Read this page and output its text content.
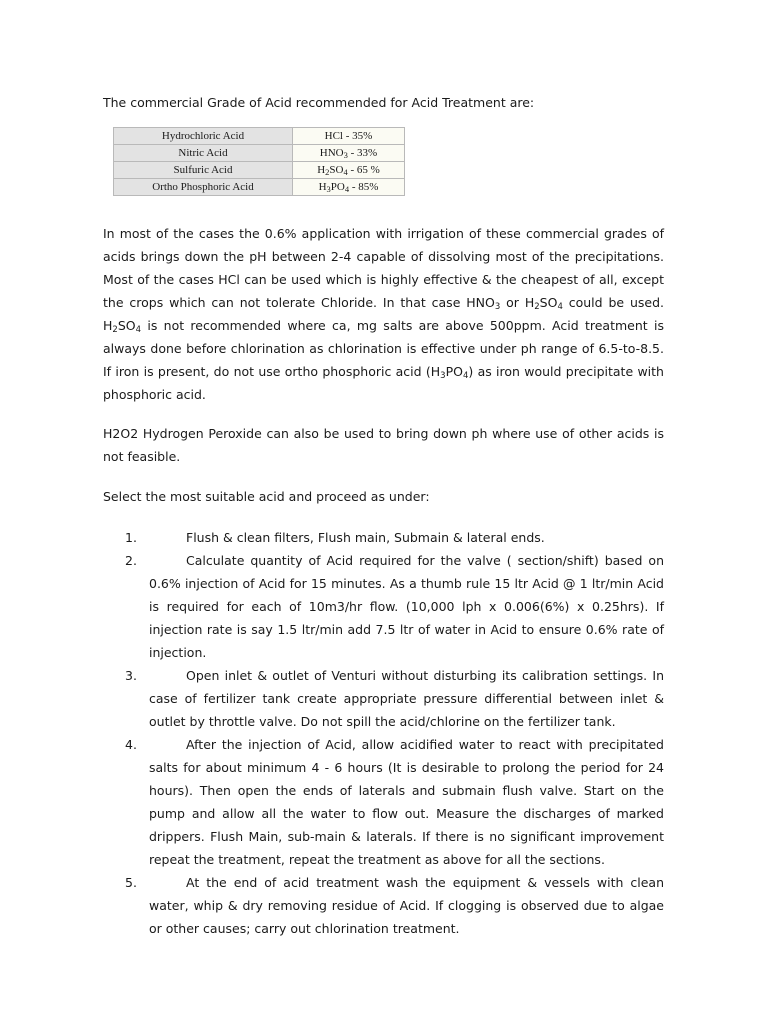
The commercial Grade of Acid recommended for Acid Treatment are:

Hydrochloric Acid	HCl - 35%
Nitric Acid	$HNO_3 - 33\%$
Sulfuric Acid	$H_2SO_4 - 65$ %
Ortho Phosphoric Acid	$H_3PO_4 - 85\%$

In most of the cases the 0.6% application with irrigation of these commercial grades of acids brings down the pH between 2-4 capable of dissolving most of the precipitations. Most of the cases HCl can be used which is highly effective & the cheapest of all, except the crops which can not tolerate Chloride. In that case $HNO_3$ or $H_2SO_4$ could be used. $H_2SO_4$ is not recommended where ca, mg salts are above 500ppm. Acid treatment is always done before chlorination as chlorination is effective under ph range of 6.5-to-8.5. If iron is present, do not use ortho phosphoric acid $(H_3PO_4)$ as iron would precipitate with phosphoric acid.

H2O2 Hydrogen Peroxide can also be used to bring down ph where use of other acids is not feasible.

Select the most suitable acid and proceed as under:

1.	Flush & clean filters, Flush main, Submain & lateral ends.
2.	Calculate quantity of Acid required for the valve ( section/shift) based on 0.6% injection of Acid for 15 minutes. As a thumb rule 15 ltr Acid @ 1 ltr/min Acid is required for each of 10m3/hr flow. (10,000 lph x 0.006(6%) x 0.25hrs). If injection rate is say 1.5 ltr/min add 7.5 ltr of water in Acid to ensure 0.6% rate of injection.
3.	Open inlet & outlet of Venturi without disturbing its calibration settings. In case of fertilizer tank create appropriate pressure differential between inlet & outlet by throttle valve. Do not spill the acid/chlorine on the fertilizer tank.
4.	After the injection of Acid, allow acidified water to react with precipitated salts for about minimum 4 - 6 hours (It is desirable to prolong the period for 24 hours). Then open the ends of laterals and submain flush valve. Start on the pump and allow all the water to flow out. Measure the discharges of marked drippers. Flush Main, sub-main & laterals. If there is no significant improvement repeat the treatment, repeat the treatment as above for all the sections.
5.	At the end of acid treatment wash the equipment & vessels with clean water, whip & dry removing residue of Acid. If clogging is observed due to algae or other causes; carry out chlorination treatment.
